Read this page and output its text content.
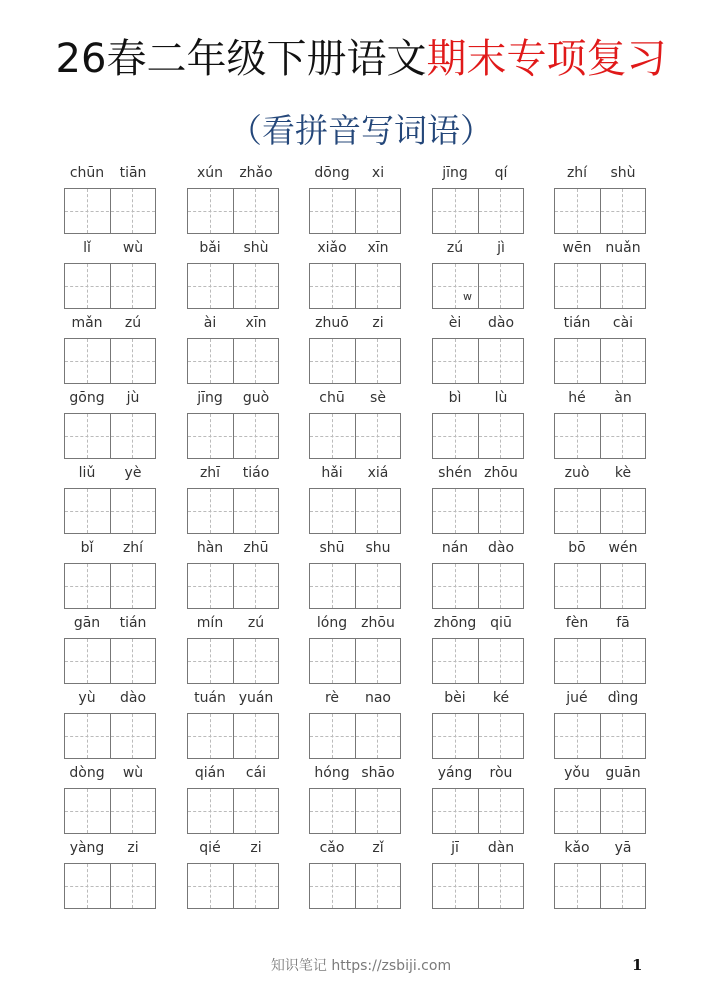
26春二年级下册语文期末专项复习
（看拼音写词语）
chūn	tiān	xún	zhǎo	dōng	xi	jīng	qí	zhí	shù
lǐ	wù	bǎi	shù	xiǎo	xīn	zú	jì	wēn nuǎn
mǎn	zú	ài	xīn	zhuō	zi	èi	dào	tián	cài
gōng	jù	jīng	guò	chū	sè	bì	lù	hé	àn
liǔ	yè	zhī	tiáo	hǎi	xiá	shén zhōu	zuò	kè
bǐ	zhí	hàn	zhū	shū	shu	nán	dào	bō	wén
gān	tián	mín	zú	lóng	zhōu	zhōng qiū	fèn	fā
yù	dào	tuán yuán	rè	nao	bèi	ké	jué	dìng
dòng	wù	qián	cái	hóng shāo	yáng	ròu	yǒu	guān
yàng	zi	qié	zi	cǎo	zǐ	jī	dàn	kǎo	yā
w
知识笔记 https://zsbiji.com	1
